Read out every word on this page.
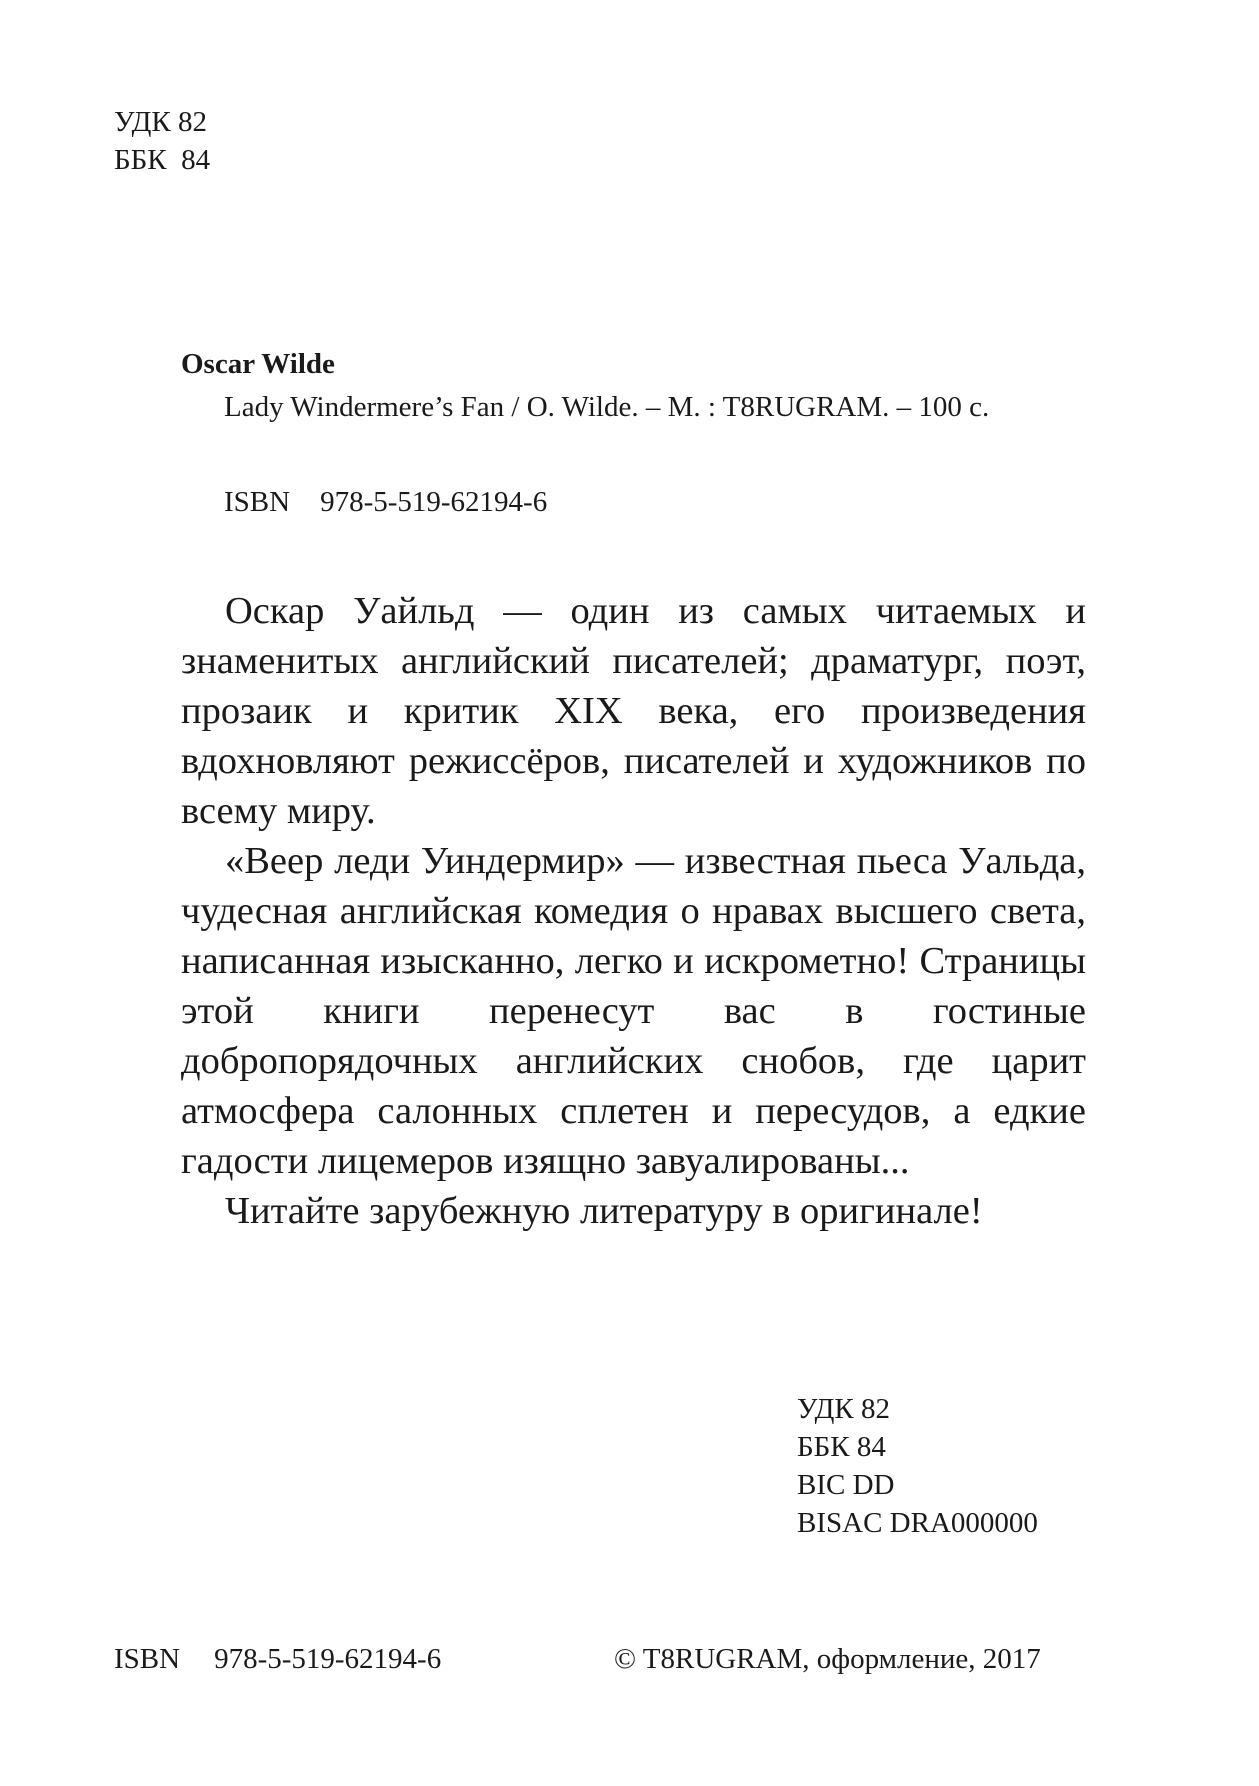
УДК 82
ББК  84
Oscar Wilde
Lady Windermere’s Fan / O. Wilde. – M. : T8RUGRAM. – 100 с.
ISBN 978-5-519-62194-6

Оскар Уайльд — один из самых читаемых и знаменитых английский писателей; драматург, поэт, прозаик и критик XIX века, его произведения вдохновляют режиссёров, писателей и художников по всему миру.

«Веер леди Уиндермир» — известная пьеса Уальда, чудесная английская комедия о нравах высшего света, написанная изысканно, легко и искрометно! Страницы этой книги перенесут вас в гостиные добропорядочных английских снобов, где царит атмосфера салонных сплетен и пересудов, а едкие гадости лицемеров изящно завуалированы...

Читайте зарубежную литературу в оригинале!

УДК 82
ББК 84
BIC DD
BISAC DRA000000
ISBN 978-5-519-62194-6	© T8RUGRAM, оформление, 2017
